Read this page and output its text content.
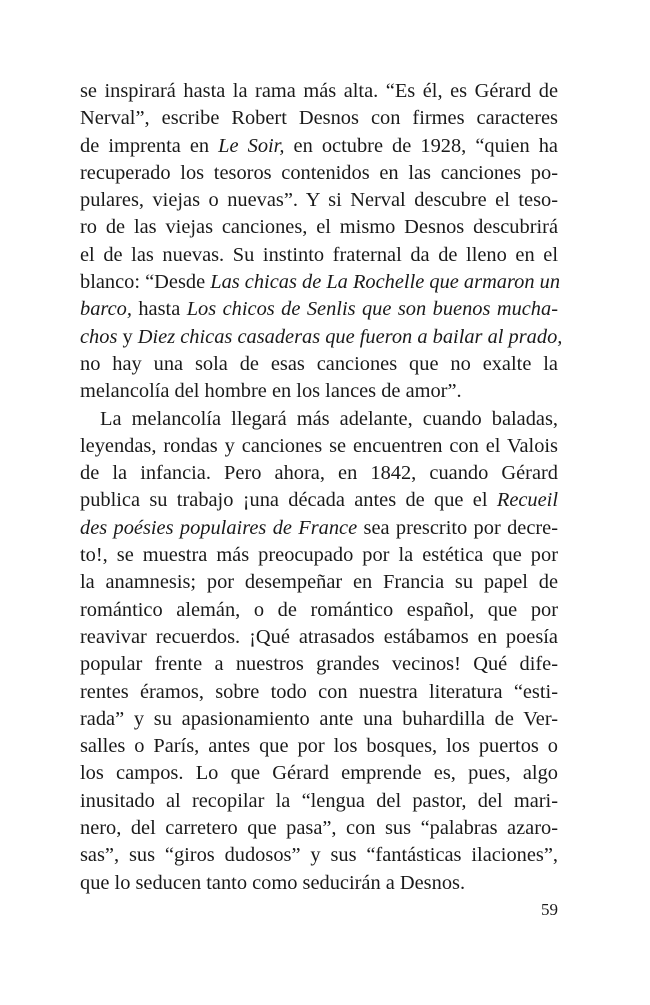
se inspirará hasta la rama más alta. “Es él, es Gérard de
Nerval”, escribe Robert Desnos con firmes caracteres
de imprenta en Le Soir, en octubre de 1928, “quien ha
recuperado los tesoros contenidos en las canciones po-
pulares, viejas o nuevas”. Y si Nerval descubre el teso-
ro de las viejas canciones, el mismo Desnos descubrirá
el de las nuevas. Su instinto fraternal da de lleno en el
blanco: “Desde Las chicas de La Rochelle que armaron un
barco, hasta Los chicos de Senlis que son buenos mucha-
chos y Diez chicas casaderas que fueron a bailar al prado,
no hay una sola de esas canciones que no exalte la
melancolía del hombre en los lances de amor”.
La melancolía llegará más adelante, cuando baladas,
leyendas, rondas y canciones se encuentren con el Valois
de la infancia. Pero ahora, en 1842, cuando Gérard
publica su trabajo ¡una década antes de que el Recueil
des poésies populaires de France sea prescrito por decre-
to!, se muestra más preocupado por la estética que por
la anamnesis; por desempeñar en Francia su papel de
romántico alemán, o de romántico español, que por
reavivar recuerdos. ¡Qué atrasados estábamos en poesía
popular frente a nuestros grandes vecinos! Qué dife-
rentes éramos, sobre todo con nuestra literatura “esti-
rada” y su apasionamiento ante una buhardilla de Ver-
salles o París, antes que por los bosques, los puertos o
los campos. Lo que Gérard emprende es, pues, algo
inusitado al recopilar la “lengua del pastor, del mari-
nero, del carretero que pasa”, con sus “palabras azaro-
sas”, sus “giros dudosos” y sus “fantásticas ilaciones”,
que lo seducen tanto como seducirán a Desnos.
59
